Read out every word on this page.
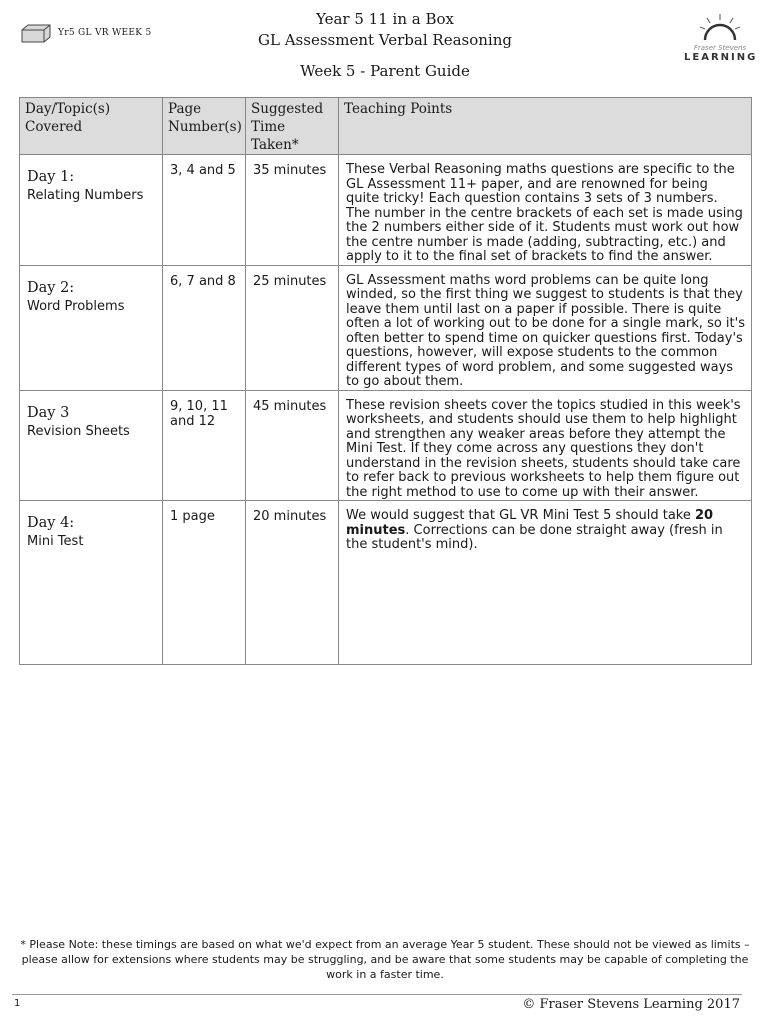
Yr5 GL VR WEEK 5
Year 5 11 in a Box
GL Assessment Verbal Reasoning
Week 5 - Parent Guide
Fraser Stevens
LEARNING
Day/Topic(s) Covered	Page Number(s)	Suggested Time Taken*	Teaching Points

Day 1:
Relating Numbers	3, 4 and 5	35 minutes	These Verbal Reasoning maths questions are specific to the GL Assessment 11+ paper, and are renowned for being quite tricky! Each question contains 3 sets of 3 numbers. The number in the centre brackets of each set is made using the 2 numbers either side of it. Students must work out how the centre number is made (adding, subtracting, etc.) and apply to it to the final set of brackets to find the answer.

Day 2:
Word Problems	6, 7 and 8	25 minutes	GL Assessment maths word problems can be quite long winded, so the first thing we suggest to students is that they leave them until last on a paper if possible. There is quite often a lot of working out to be done for a single mark, so it's often better to spend time on quicker questions first. Today's questions, however, will expose students to the common different types of word problem, and some suggested ways to go about them.

Day 3
Revision Sheets	9, 10, 11 and 12	45 minutes	These revision sheets cover the topics studied in this week's worksheets, and students should use them to help highlight and strengthen any weaker areas before they attempt the Mini Test. If they come across any questions they don't understand in the revision sheets, students should take care to refer back to previous worksheets to help them figure out the right method to use to come up with their answer.

Day 4:
Mini Test	1 page	20 minutes	We would suggest that GL VR Mini Test 5 should take 20 minutes. Corrections can be done straight away (fresh in the student's mind).
* Please Note: these timings are based on what we'd expect from an average Year 5 student. These should not be viewed as limits – please allow for extensions where students may be struggling, and be aware that some students may be capable of completing the work in a faster time.
1	© Fraser Stevens Learning 2017
